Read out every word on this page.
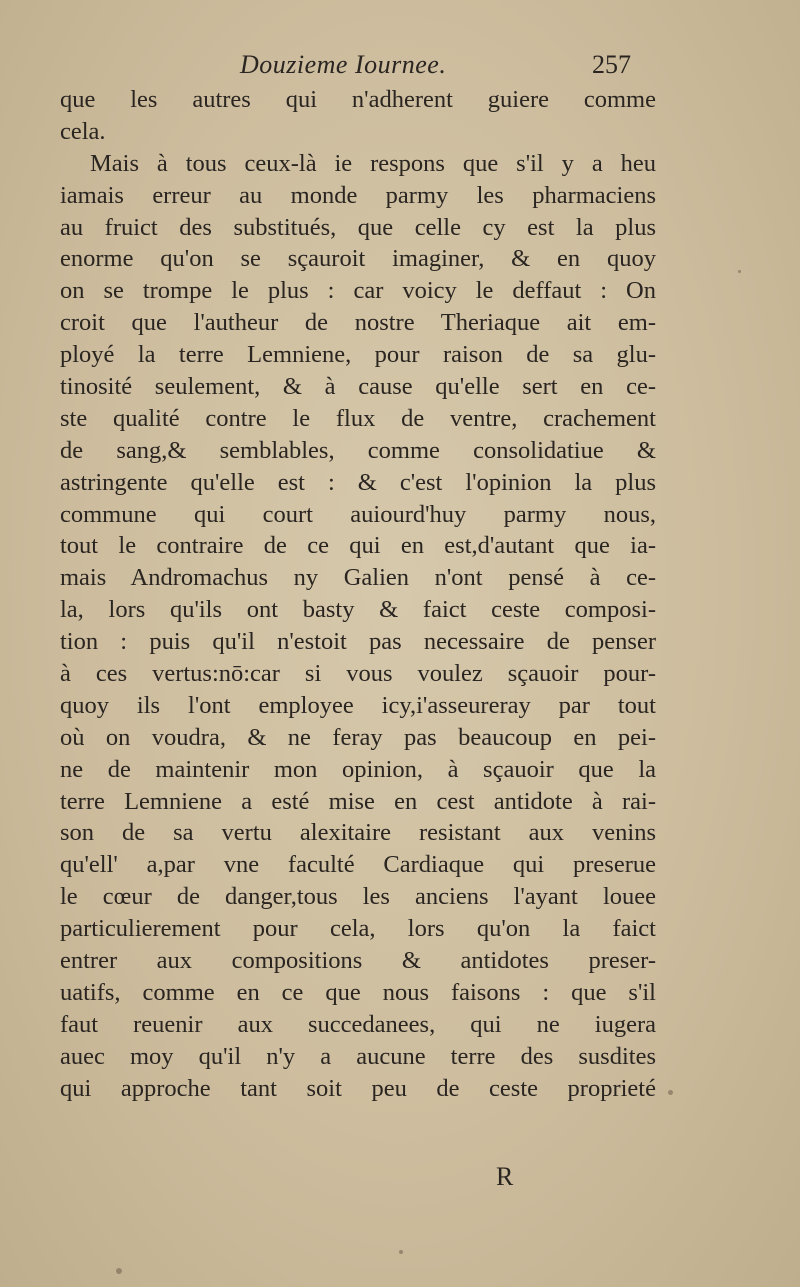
Douzieme Iournee.	257
que les autres qui n'adherent guiere comme
cela.
Mais à tous ceux-là ie respons que s'il y a heu
iamais erreur au monde parmy les pharmaciens
au fruict des substitués, que celle cy est la plus
enorme qu'on se sçauroit imaginer, & en quoy
on se trompe le plus : car voicy le deffaut : On
croit que l'autheur de nostre Theriaque ait em-
ployé la terre Lemniene, pour raison de sa glu-
tinosité seulement, & à cause qu'elle sert en ce-
ste qualité contre le flux de ventre, crachement
de sang,& semblables, comme consolidatiue &
astringente qu'elle est : & c'est l'opinion la plus
commune qui court auiourd'huy parmy nous,
tout le contraire de ce qui en est,d'autant que ia-
mais Andromachus ny Galien n'ont pensé à ce-
la, lors qu'ils ont basty & faict ceste composi-
tion : puis qu'il n'estoit pas necessaire de penser
à ces vertus:nō:car si vous voulez sçauoir pour-
quoy ils l'ont employee icy,i'asseureray par tout
où on voudra, & ne feray pas beaucoup en pei-
ne de maintenir mon opinion, à sçauoir que la
terre Lemniene a esté mise en cest antidote à rai-
son de sa vertu alexitaire resistant aux venins
qu'ell' a,par vne faculté Cardiaque qui preserue
le cœur de danger,tous les anciens l'ayant louee
particulierement pour cela, lors qu'on la faict
entrer aux compositions & antidotes preser-
uatifs, comme en ce que nous faisons : que s'il
faut reuenir aux succedanees, qui ne iugera
auec moy qu'il n'y a aucune terre des susdites
qui approche tant soit peu de ceste proprieté
R
